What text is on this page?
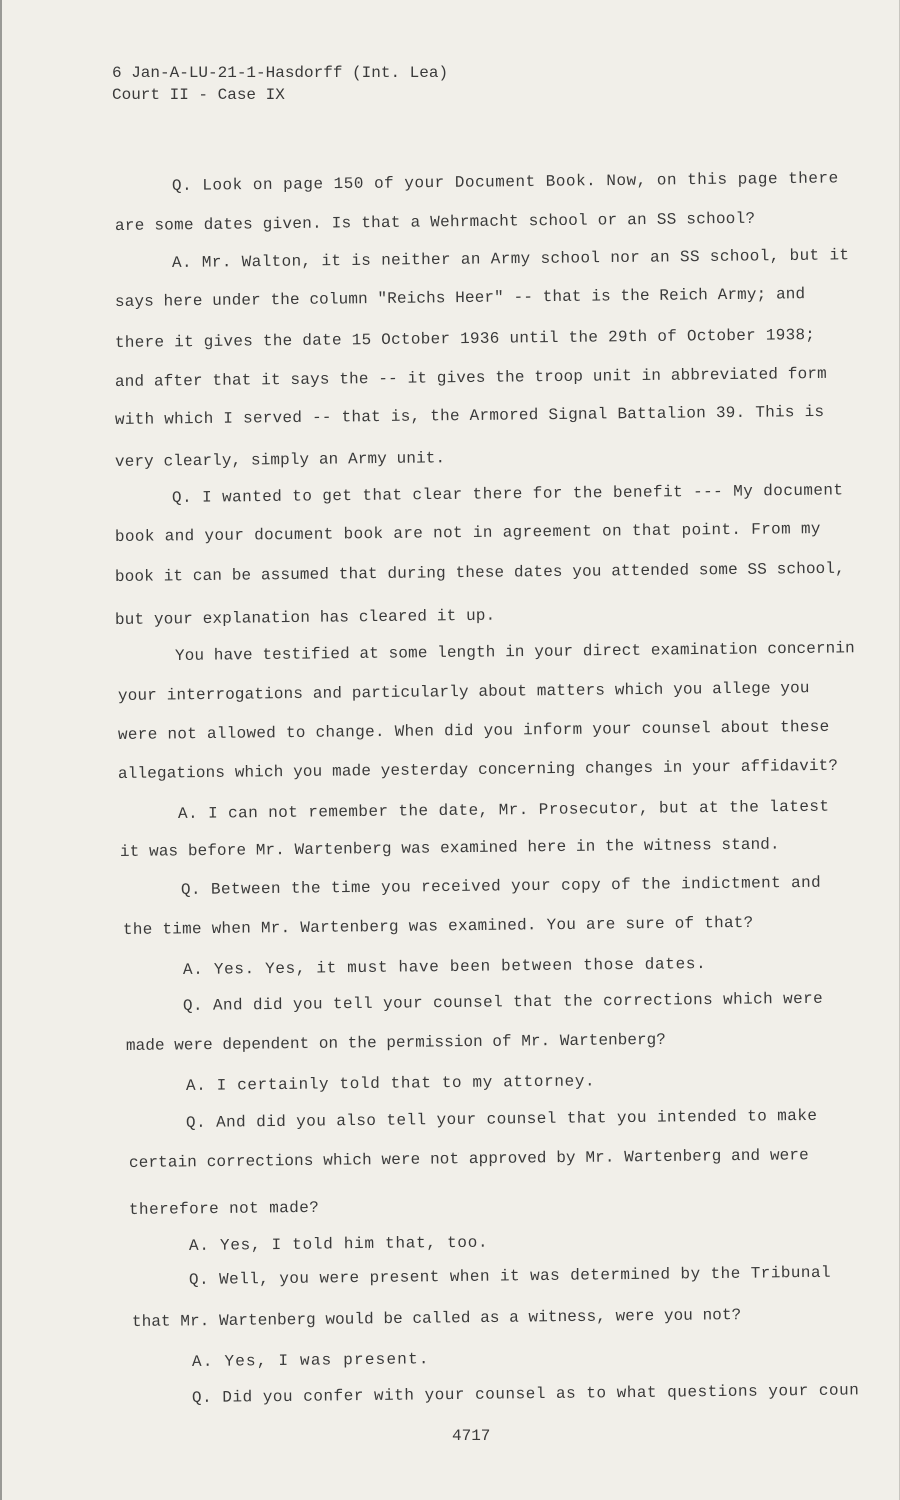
6 Jan-A-LU-21-1-Hasdorff (Int. Lea)
Court II - Case IX
Q. Look on page 150 of your Document Book. Now, on this page there
are some dates given. Is that a Wehrmacht school or an SS school?
A. Mr. Walton, it is neither an Army school nor an SS school, but it
says here under the column "Reichs Heer" -- that is the Reich Army; and
there it gives the date 15 October 1936 until the 29th of October 1938;
and after that it says the -- it gives the troop unit in abbreviated form
with which I served -- that is, the Armored Signal Battalion 39. This is
very clearly, simply an Army unit.
Q. I wanted to get that clear there for the benefit --- My document
book and your document book are not in agreement on that point. From my
book it can be assumed that during these dates you attended some SS school,
but your explanation has cleared it up.
You have testified at some length in your direct examination concernin
your interrogations and particularly about matters which you allege you
were not allowed to change. When did you inform your counsel about these
allegations which you made yesterday concerning changes in your affidavit?
A. I can not remember the date, Mr. Prosecutor, but at the latest
it was before Mr. Wartenberg was examined here in the witness stand.
Q. Between the time you received your copy of the indictment and
the time when Mr. Wartenberg was examined. You are sure of that?
A. Yes. Yes, it must have been between those dates.
Q. And did you tell your counsel that the corrections which were
made were dependent on the permission of Mr. Wartenberg?
A. I certainly told that to my attorney.
Q. And did you also tell your counsel that you intended to make
certain corrections which were not approved by Mr. Wartenberg and were
therefore not made?
A. Yes, I told him that, too.
Q. Well, you were present when it was determined by the Tribunal
that Mr. Wartenberg would be called as a witness, were you not?
A. Yes, I was present.
Q. Did you confer with your counsel as to what questions your coun
4717
